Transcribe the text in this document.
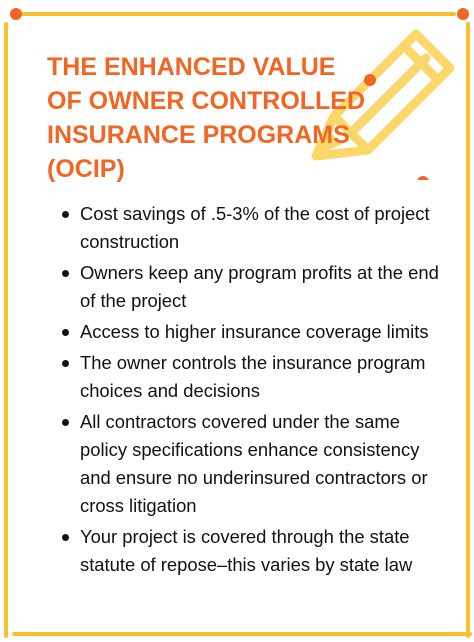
THE ENHANCED VALUE
OF OWNER CONTROLLED
INSURANCE PROGRAMS
(OCIP)
Cost savings of .5-3% of the cost of project construction
Owners keep any program profits at the end of the project
Access to higher insurance coverage limits
The owner controls the insurance program choices and decisions
All contractors covered under the same policy specifications enhance consistency and ensure no underinsured contractors or cross litigation
Your project is covered through the state statute of repose–this varies by state law
